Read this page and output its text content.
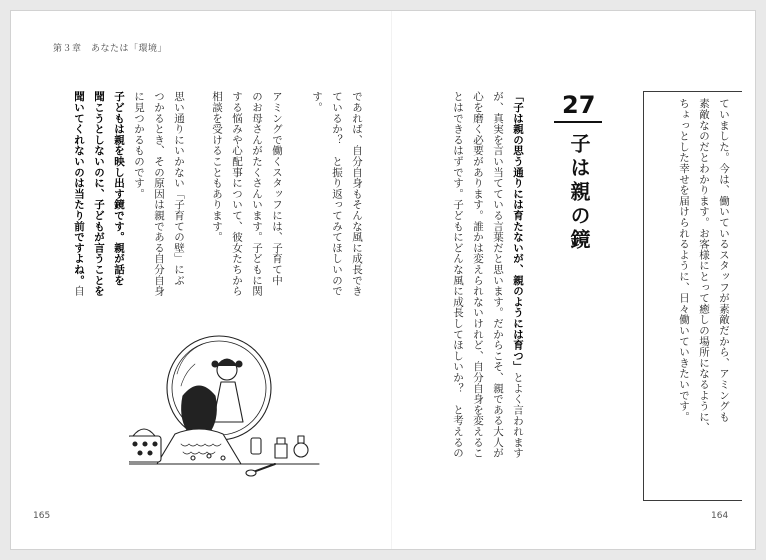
第３章　あなたは「環境」
ていました。今は、働いているスタッフが素敵だから、アミングも
素敵なのだとわかります。お客様にとって癒しの場所になるように、
ちょっとした幸せを届けられるように、日々働いていきたいです。
27
子は親の鏡
「子は親の思う通りには育たないが、親のようには育つ」とよく言われます
が、真実を言い当てている言葉だと思います。だからこそ、親である大人が
心を磨く必要があります。誰かは変えられないけれど、自分自身を変えるこ
とはできるはずです。子どもにどんな風に成長してほしいか？　と考えるの
であれば、自分自身もそんな風に成長でき
ているか？　と振り返ってみてほしいので
す。

アミングで働くスタッフには、子育て中
のお母さんがたくさんいます。子どもに関
する悩みや心配事について、彼女たちから
相談を受けることもあります。
思い通りにいかない「子育ての壁」にぶ
つかるとき、その原因は親である自分自身
に見つかるものです。
子どもは親を映し出す鏡です。親が話を
聞こうとしないのに、子どもが言うことを
聞いてくれないのは当たり前ですよね。自
165	164
